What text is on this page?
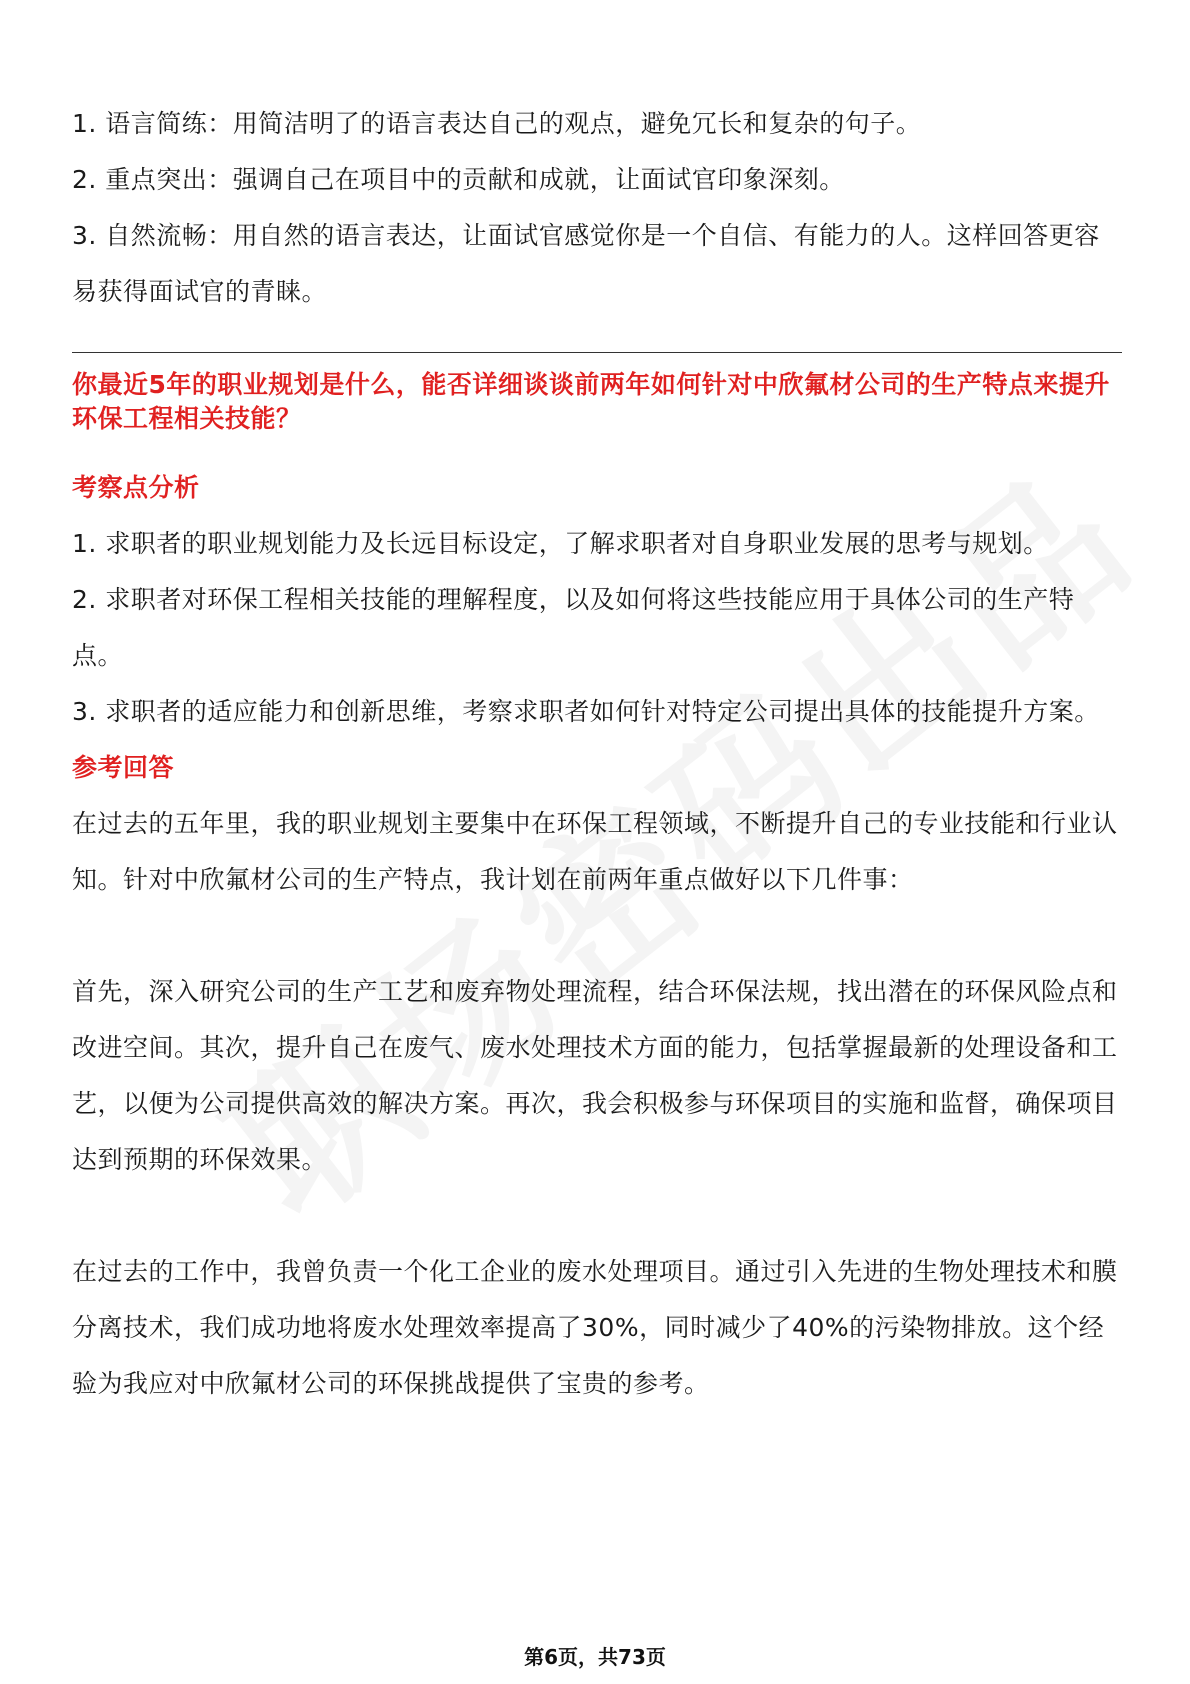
1. 语言简练：用简洁明了的语言表达自己的观点，避免冗长和复杂的句子。

2. 重点突出：强调自己在项目中的贡献和成就，让面试官印象深刻。

3. 自然流畅：用自然的语言表达，让面试官感觉你是一个自信、有能力的人。这样回答更容易获得面试官的青睐。

你最近5年的职业规划是什么，能否详细谈谈前两年如何针对中欣氟材公司的生产特点来提升环保工程相关技能？

考察点分析

1. 求职者的职业规划能力及长远目标设定，了解求职者对自身职业发展的思考与规划。

2. 求职者对环保工程相关技能的理解程度，以及如何将这些技能应用于具体公司的生产特点。

3. 求职者的适应能力和创新思维，考察求职者如何针对特定公司提出具体的技能提升方案。

参考回答

在过去的五年里，我的职业规划主要集中在环保工程领域，不断提升自己的专业技能和行业认知。针对中欣氟材公司的生产特点，我计划在前两年重点做好以下几件事：

首先，深入研究公司的生产工艺和废弃物处理流程，结合环保法规，找出潜在的环保风险点和改进空间。其次，提升自己在废气、废水处理技术方面的能力，包括掌握最新的处理设备和工艺，以便为公司提供高效的解决方案。再次，我会积极参与环保项目的实施和监督，确保项目达到预期的环保效果。

在过去的工作中，我曾负责一个化工企业的废水处理项目。通过引入先进的生物处理技术和膜分离技术，我们成功地将废水处理效率提高了30%，同时减少了40%的污染物排放。这个经验为我应对中欣氟材公司的环保挑战提供了宝贵的参考。

第6页，共73页
